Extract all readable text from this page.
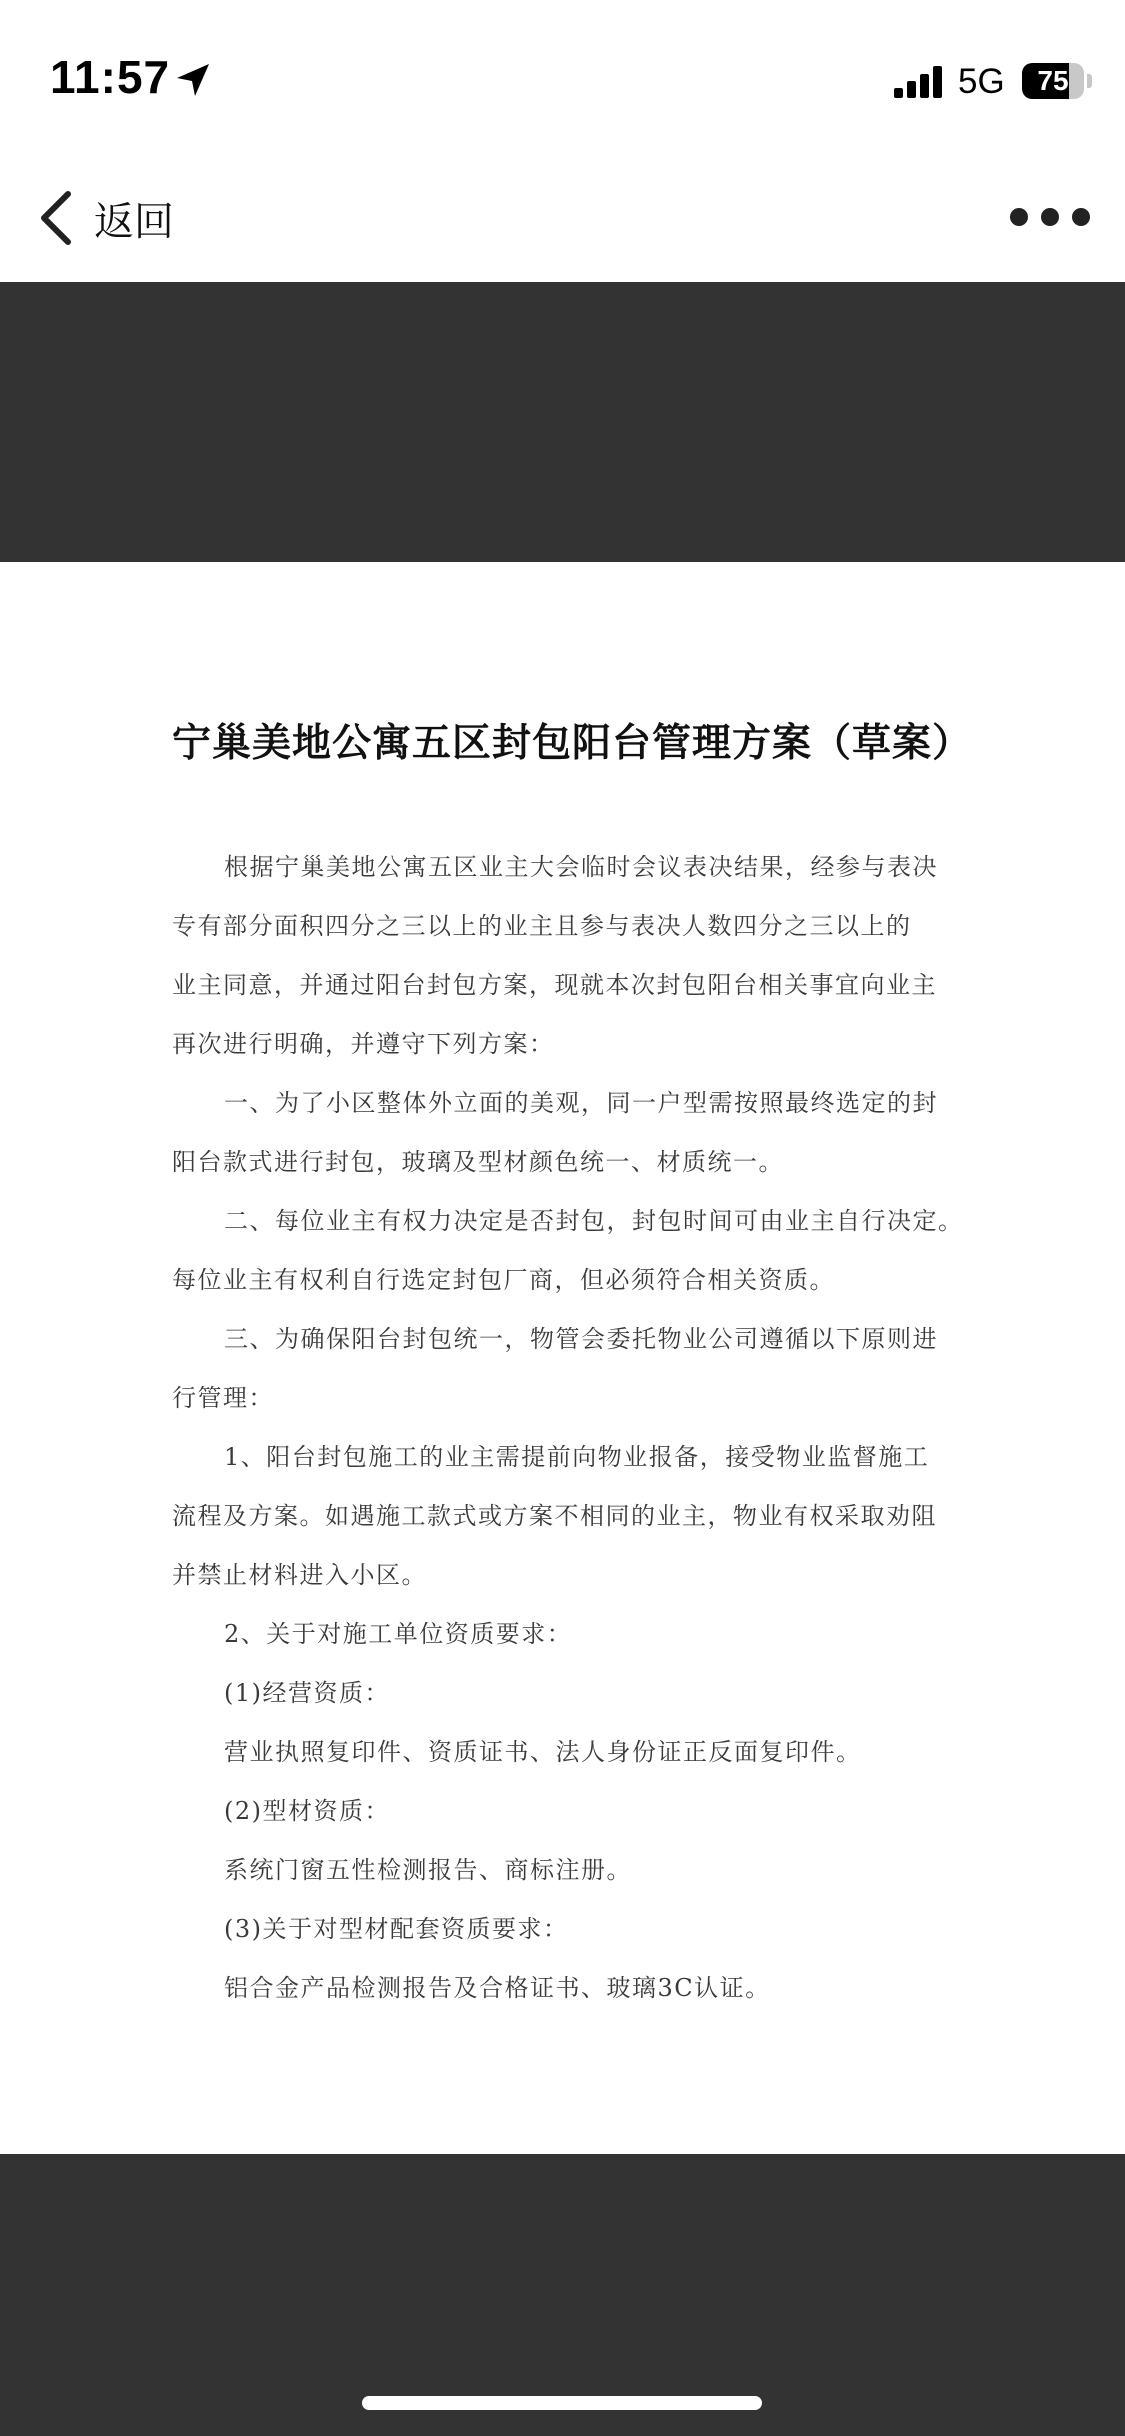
11:57	5G	75
返回
宁巢美地公寓五区封包阳台管理方案（草案）
根据宁巢美地公寓五区业主大会临时会议表决结果，经参与表决
专有部分面积四分之三以上的业主且参与表决人数四分之三以上的
业主同意，并通过阳台封包方案，现就本次封包阳台相关事宜向业主
再次进行明确，并遵守下列方案：
一、为了小区整体外立面的美观，同一户型需按照最终选定的封
阳台款式进行封包，玻璃及型材颜色统一、材质统一。
二、每位业主有权力决定是否封包，封包时间可由业主自行决定。
每位业主有权利自行选定封包厂商，但必须符合相关资质。
三、为确保阳台封包统一，物管会委托物业公司遵循以下原则进
行管理：
1、阳台封包施工的业主需提前向物业报备，接受物业监督施工
流程及方案。如遇施工款式或方案不相同的业主，物业有权采取劝阻
并禁止材料进入小区。
2、关于对施工单位资质要求：
(1)经营资质：
营业执照复印件、资质证书、法人身份证正反面复印件。
(2)型材资质：
系统门窗五性检测报告、商标注册。
(3)关于对型材配套资质要求：
铝合金产品检测报告及合格证书、玻璃3C认证。
